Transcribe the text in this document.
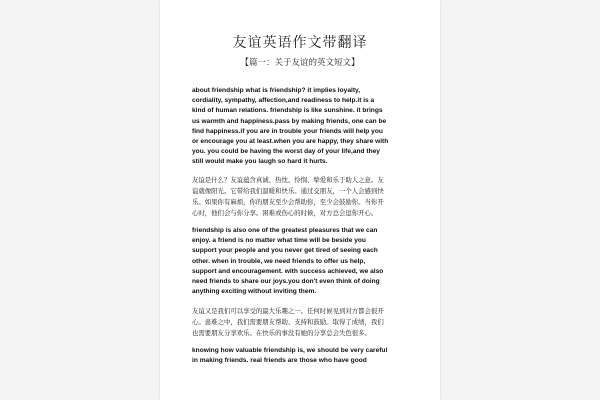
友谊英语作文带翻译
【篇一：关于友谊的英文短文】
about friendship what is friendship? it implies loyalty,
cordiality, sympathy, affection,and readiness to help.it is a
kind of human relations. friendship is like sunshine. it brings
us warmth and happiness.pass by making friends, one can be
find happiness.if you are in trouble your friends will help you
or encourage you at least.when you are happy, they share with
you. you could be having the worst day of your life,and they
still would make you laugh so hard it hurts.
友谊是什么？友谊蕴含真诚、热忱、怜悯、挚爱和乐于助人之意。友
谊就像阳光。它带给我们温暖和快乐。通过交朋友，一个人会感到快
乐。如果你有麻烦，你的朋友至少会帮助你，至少会鼓励你。当你开
心时，他们会与你分享。困难或伤心的时候，对方总会逗你开心。
friendship is also one of the greatest pleasures that we can
enjoy. a friend is no matter what time will be beside you
support your people and you never get tired of seeing each
other. when in trouble, we need friends to offer us help,
support and encouragement. with success achieved, we also
need friends to share our joys.you don't even think of doing
anything exciting without inviting them.
友谊又是我们可以享受的最大乐趣之一。任何时候见到对方都会很开
心。患难之中，我们需要朋友帮助、支持和鼓励。取得了成绩，我们
也需要朋友分享欢乐。在快乐的事没有她的分享总会失色很多。
knowing how valuable friendship is, we should be very careful
in making friends. real friends are those who have good
